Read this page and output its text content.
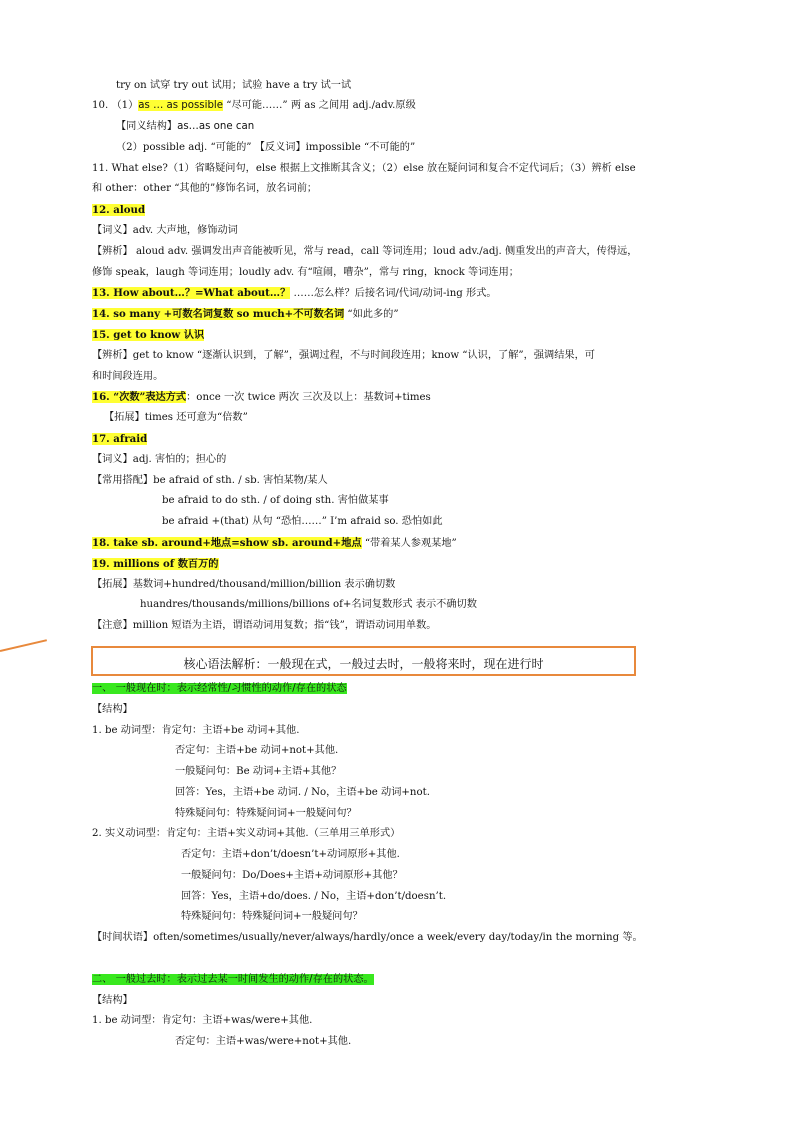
try on 试穿 try out 试用；试验 have a try 试一试
10. （1）as … as possible “尽可能……” 两 as 之间用 adj./adv.原级
【同义结构】as…as one can
（2）possible adj. “可能的” 【反义词】impossible “不可能的”
11. What else?（1）省略疑问句，else 根据上文推断其含义；（2）else 放在疑问词和复合不定代词后；（3）辨析 else
和 other：other “其他的”修饰名词，放名词前；
12. aloud
【词义】adv. 大声地，修饰动词
【辨析】 aloud adv. 强调发出声音能被听见，常与 read，call 等词连用；loud adv./adj. 侧重发出的声音大，传得远，
修饰 speak，laugh 等词连用；loudly adv. 有“喧闹，嘈杂”，常与 ring，knock 等词连用；
13. How about…？=What about…？ ……怎么样？后接名词/代词/动词-ing 形式。
14. so many +可数名词复数 so much+不可数名词 “如此多的”
15. get to know 认识
【辨析】get to know “逐渐认识到，了解”，强调过程，不与时间段连用；know “认识，了解”，强调结果，可
和时间段连用。
16. “次数”表达方式：once 一次 twice 两次 三次及以上：基数词+times
【拓展】times 还可意为“倍数”
17. afraid
【词义】adj. 害怕的；担心的
【常用搭配】be afraid of sth. / sb. 害怕某物/某人
be afraid to do sth. / of doing sth. 害怕做某事
be afraid +(that) 从句 “恐怕……” I’m afraid so. 恐怕如此
18. take sb. around+地点=show sb. around+地点 “带着某人参观某地”
19. millions of 数百万的
【拓展】基数词+hundred/thousand/million/billion 表示确切数
huandres/thousands/millions/billions of+名词复数形式 表示不确切数
【注意】million 短语为主语，谓语动词用复数；指“钱”，谓语动词用单数。
核心语法解析：一般现在式，一般过去时，一般将来时，现在进行时
一、 一般现在时：表示经常性/习惯性的动作/存在的状态
【结构】
1. be 动词型：肯定句：主语+be 动词+其他.
否定句：主语+be 动词+not+其他.
一般疑问句：Be 动词+主语+其他？
回答：Yes，主语+be 动词. / No，主语+be 动词+not.
特殊疑问句：特殊疑问词+一般疑问句？
2. 实义动词型：肯定句：主语+实义动词+其他.（三单用三单形式）
否定句：主语+don’t/doesn’t+动词原形+其他.
一般疑问句：Do/Does+主语+动词原形+其他？
回答：Yes，主语+do/does. / No，主语+don’t/doesn’t.
特殊疑问句：特殊疑问词+一般疑问句？
【时间状语】often/sometimes/usually/never/always/hardly/once a week/every day/today/in the morning 等。
二、 一般过去时：表示过去某一时间发生的动作/存在的状态。
【结构】
1. be 动词型：肯定句：主语+was/were+其他.
否定句：主语+was/were+not+其他.
